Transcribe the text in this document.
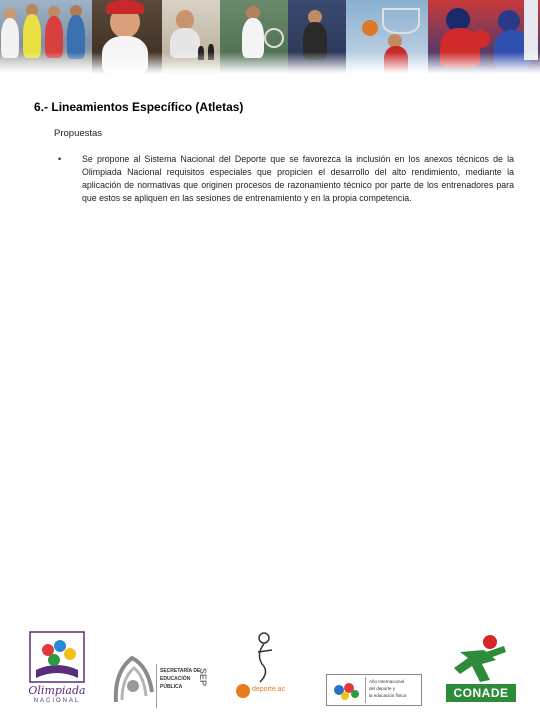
6.- Lineamientos Específico (Atletas)
Propuestas
•	Se propone al Sistema Nacional del Deporte que se favorezca la inclusión en los anexos técnicos de la Olimpiada Nacional requisitos especiales que propicien el desarrollo del alto rendimiento, mediante la aplicación de normativas que originen procesos de razonamiento técnico por parte de los entrenadores para que estos se apliquen en las sesiones de entrenamiento y en la propia competencia.

Olimpiada
NACIONAL
SECRETARÍA DE
EDUCACIÓN
PÚBLICA
SEP
deporte.ac
Año Internacional
del deporte y
la educación física	CONADE
